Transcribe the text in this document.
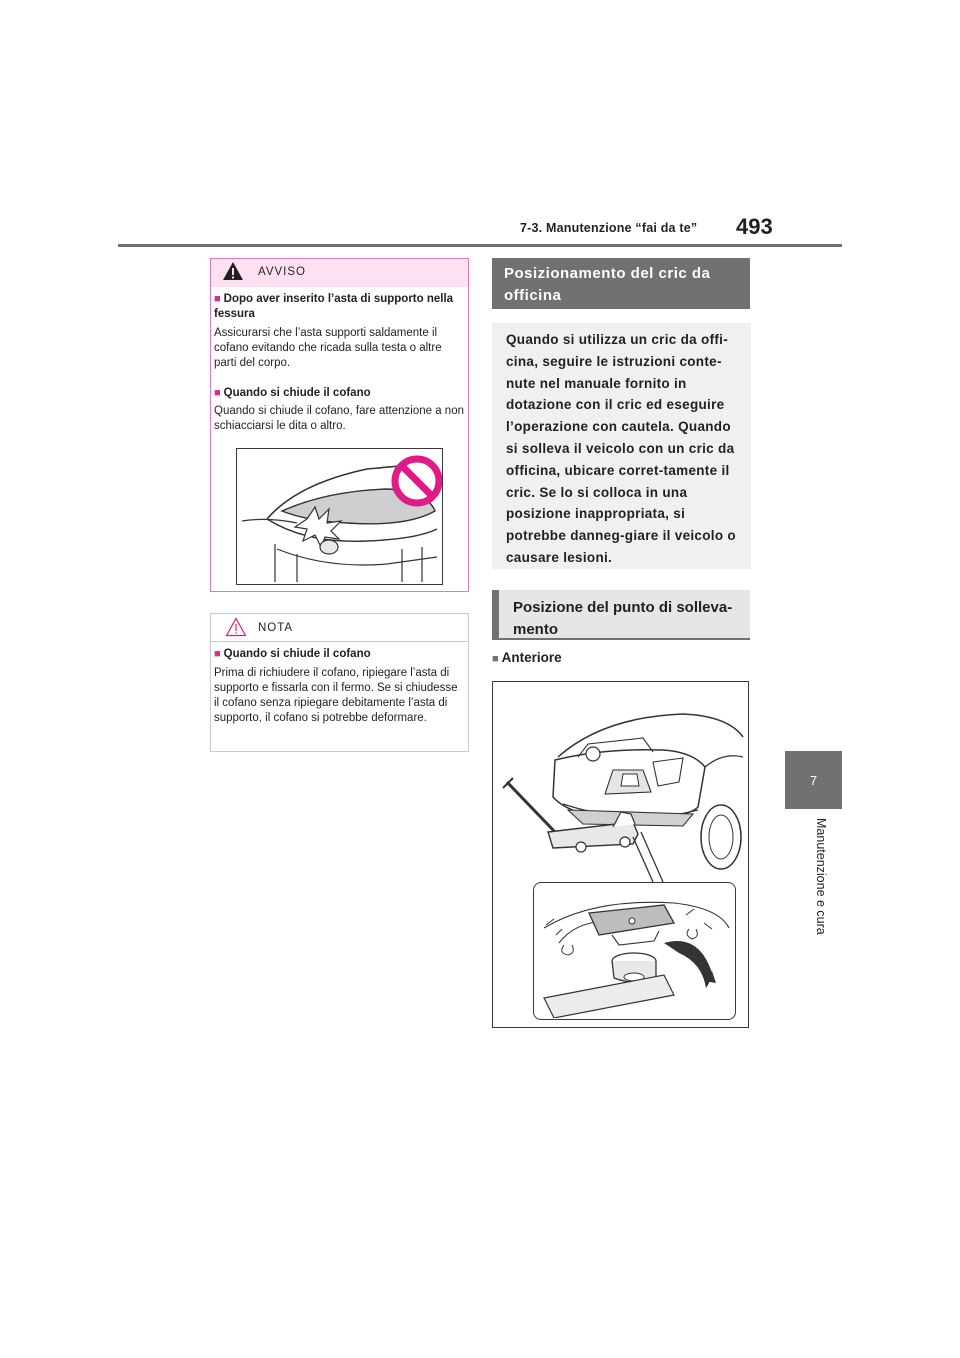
7-3. Manutenzione “fai da te” 493
7
Manutenzione e cura
AVVISO
■ Dopo aver inserito l’asta di supporto nella fessura
Assicurarsi che l’asta supporti saldamente il cofano evitando che ricada sulla testa o altre parti del corpo.
■ Quando si chiude il cofano
Quando si chiude il cofano, fare attenzione a non schiacciarsi le dita o altro.
NOTA
■ Quando si chiude il cofano
Prima di richiudere il cofano, ripiegare l’asta di supporto e fissarla con il fermo. Se si chiudesse il cofano senza ripiegare debitamente l’asta di supporto, il cofano si potrebbe deformare.
Posizionamento del cric da officina
Quando si utilizza un cric da offi-cina, seguire le istruzioni conte-nute nel manuale fornito in dotazione con il cric ed eseguire l’operazione con cautela. Quando si solleva il veicolo con un cric da officina, ubicare corret-tamente il cric. Se lo si colloca in una posizione inappropriata, si potrebbe danneg-giare il veicolo o causare lesioni.
Posizione del punto di solleva-mento
■ Anteriore
